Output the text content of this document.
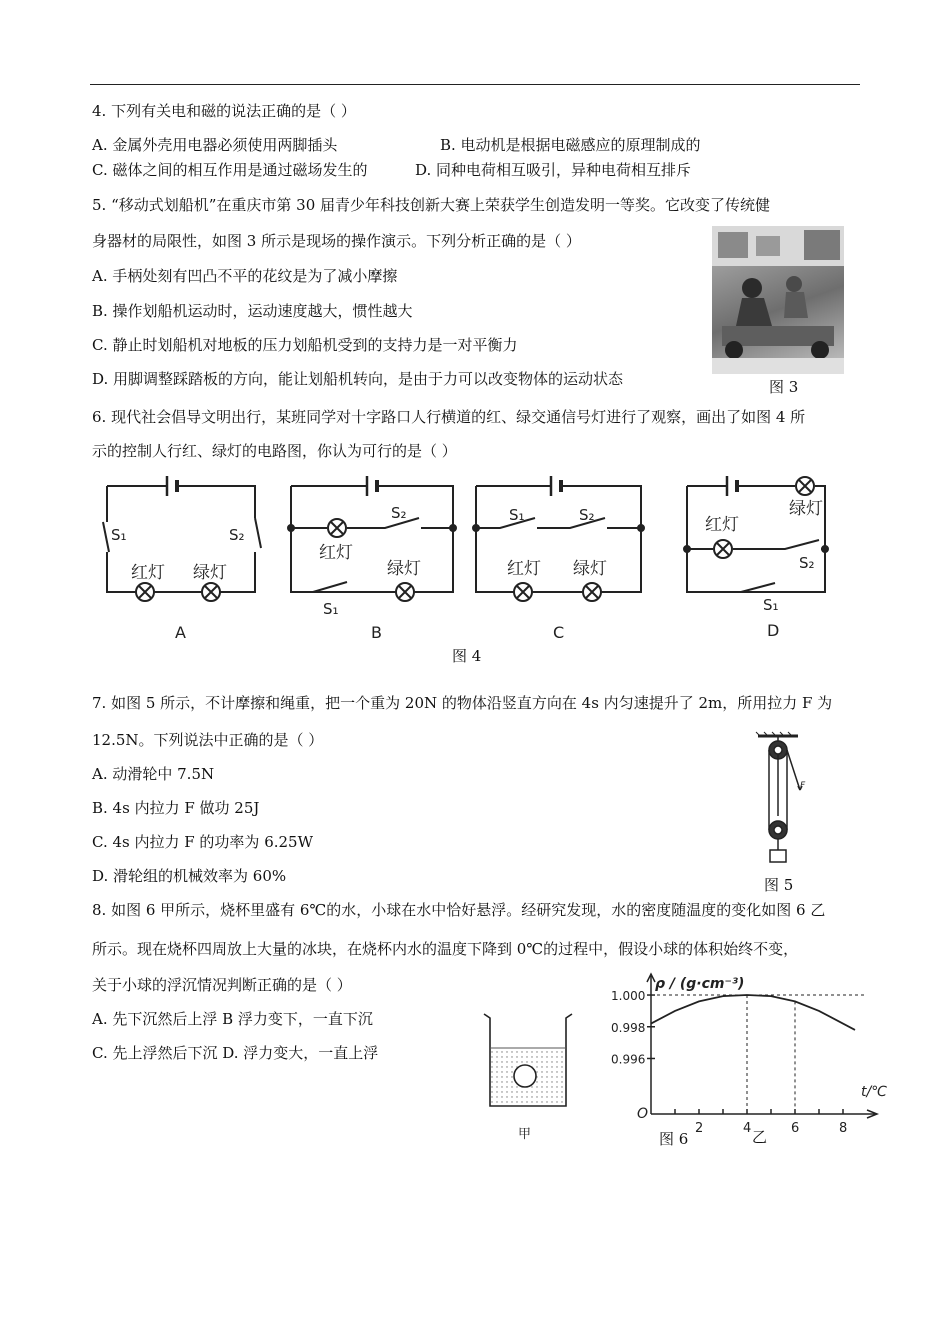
4. 下列有关电和磁的说法正确的是（ ）
A. 金属外壳用电器必须使用两脚插头	B. 电动机是根据电磁感应的原理制成的
C. 磁体之间的相互作用是通过磁场发生的	D. 同种电荷相互吸引，异种电荷相互排斥
5. “移动式划船机”在重庆市第 30 届青少年科技创新大赛上荣获学生创造发明一等奖。它改变了传统健
身器材的局限性，如图 3 所示是现场的操作演示。下列分析正确的是（ ）
A. 手柄处刻有凹凸不平的花纹是为了减小摩擦
B. 操作划船机运动时，运动速度越大，惯性越大
C. 静止时划船机对地板的压力划船机受到的支持力是一对平衡力
D. 用脚调整踩踏板的方向，能让划船机转向，是由于力可以改变物体的运动状态	图 3
6. 现代社会倡导文明出行，某班同学对十字路口人行横道的红、绿交通信号灯进行了观察，画出了如图 4 所
示的控制人行红、绿灯的电路图，你认为可行的是（ ）
S₁	S₂
红灯 绿灯
A
S₂
红灯
绿灯
S₁
B
S₁	S₂
红灯 绿灯
C
绿灯
红灯
S₂
S₁
D
图 4
7. 如图 5 所示，不计摩擦和绳重，把一个重为 20N 的物体沿竖直方向在 4s 内匀速提升了 2m，所用拉力 F 为
12.5N。下列说法中正确的是（ ）
A. 动滑轮中 7.5N
B. 4s 内拉力 F 做功 25J
C. 4s 内拉力 F 的功率为 6.25W
D. 滑轮组的机械效率为 60%
F
图 5
8. 如图 6 甲所示，烧杯里盛有 6℃的水，小球在水中恰好悬浮。经研究发现，水的密度随温度的变化如图 6 乙
所示。现在烧杯四周放上大量的冰块，在烧杯内水的温度下降到 0℃的过程中，假设小球的体积始终不变，
关于小球的浮沉情况判断正确的是（ ）
A. 先下沉然后上浮 B 浮力变下，一直下沉
C. 先上浮然后下沉 D. 浮力变大，一直上浮
甲
1.000
0.998
0.996
2	4	6	8
ρ / (g·cm⁻³)
t/℃
O
图 6	乙
